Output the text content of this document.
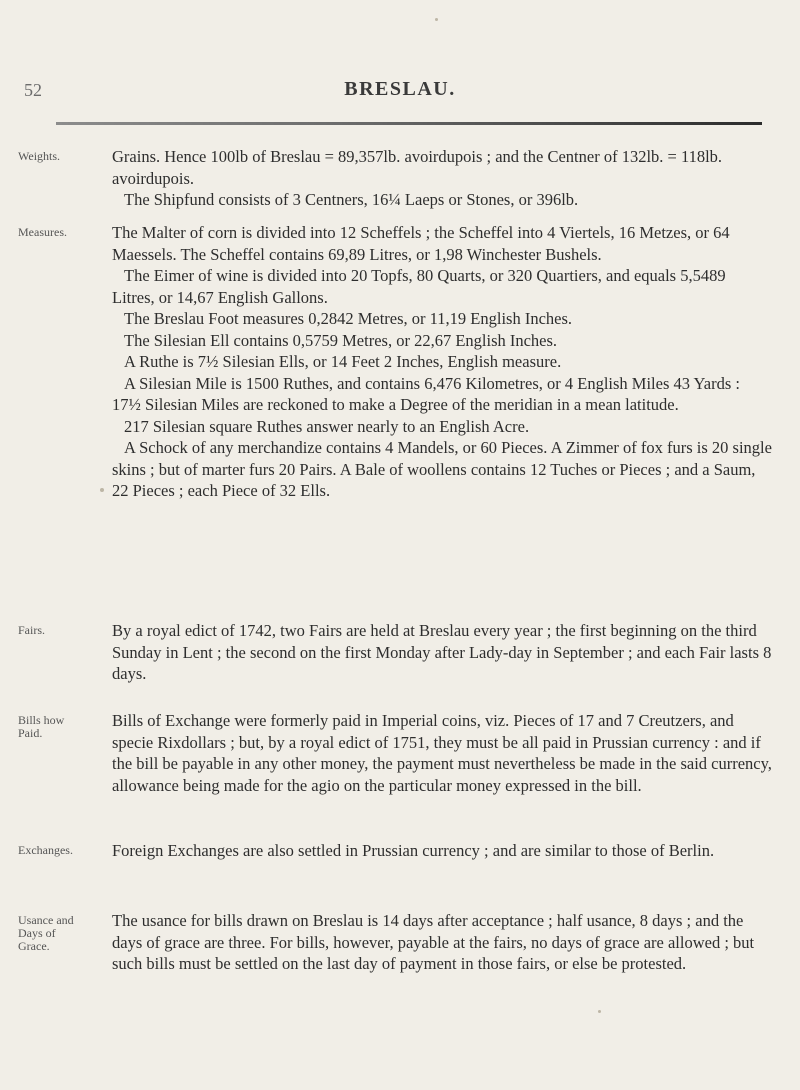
52	BRESLAU.
Weights.	Grains. Hence 100lb of Breslau = 89,357lb. avoirdupois ; and the Centner of 132lb. = 118lb. avoirdupois.

The Shipfund consists of 3 Centners, 16¼ Laeps or Stones, or 396lb.

Measures.	The Malter of corn is divided into 12 Scheffels ; the Scheffel into 4 Viertels, 16 Metzes, or 64 Maessels. The Scheffel contains 69,89 Litres, or 1,98 Winchester Bushels.

The Eimer of wine is divided into 20 Topfs, 80 Quarts, or 320 Quartiers, and equals 5,5489 Litres, or 14,67 English Gallons.

The Breslau Foot measures 0,2842 Metres, or 11,19 English Inches.

The Silesian Ell contains 0,5759 Metres, or 22,67 English Inches.

A Ruthe is 7½ Silesian Ells, or 14 Feet 2 Inches, English measure.

A Silesian Mile is 1500 Ruthes, and contains 6,476 Kilometres, or 4 English Miles 43 Yards : 17½ Silesian Miles are reckoned to make a Degree of the meridian in a mean latitude.

217 Silesian square Ruthes answer nearly to an English Acre.

A Schock of any merchandize contains 4 Mandels, or 60 Pieces. A Zimmer of fox furs is 20 single skins ; but of marter furs 20 Pairs. A Bale of woollens contains 12 Tuches or Pieces ; and a Saum, 22 Pieces ; each Piece of 32 Ells.

Fairs.	By a royal edict of 1742, two Fairs are held at Breslau every year ; the first beginning on the third Sunday in Lent ; the second on the first Monday after Lady-day in September ; and each Fair lasts 8 days.

Bills how Paid.

Bills of Exchange were formerly paid in Imperial coins, viz. Pieces of 17 and 7 Creutzers, and specie Rixdollars ; but, by a royal edict of 1751, they must be all paid in Prussian currency : and if the bill be payable in any other money, the payment must nevertheless be made in the said currency, allowance being made for the agio on the particular money expressed in the bill.

Exchanges.	Foreign Exchanges are also settled in Prussian currency ; and are similar to those of Berlin.

Usance and Days of Grace.

The usance for bills drawn on Breslau is 14 days after acceptance ; half usance, 8 days ; and the days of grace are three. For bills, however, payable at the fairs, no days of grace are allowed ; but such bills must be settled on the last day of payment in those fairs, or else be protested.
